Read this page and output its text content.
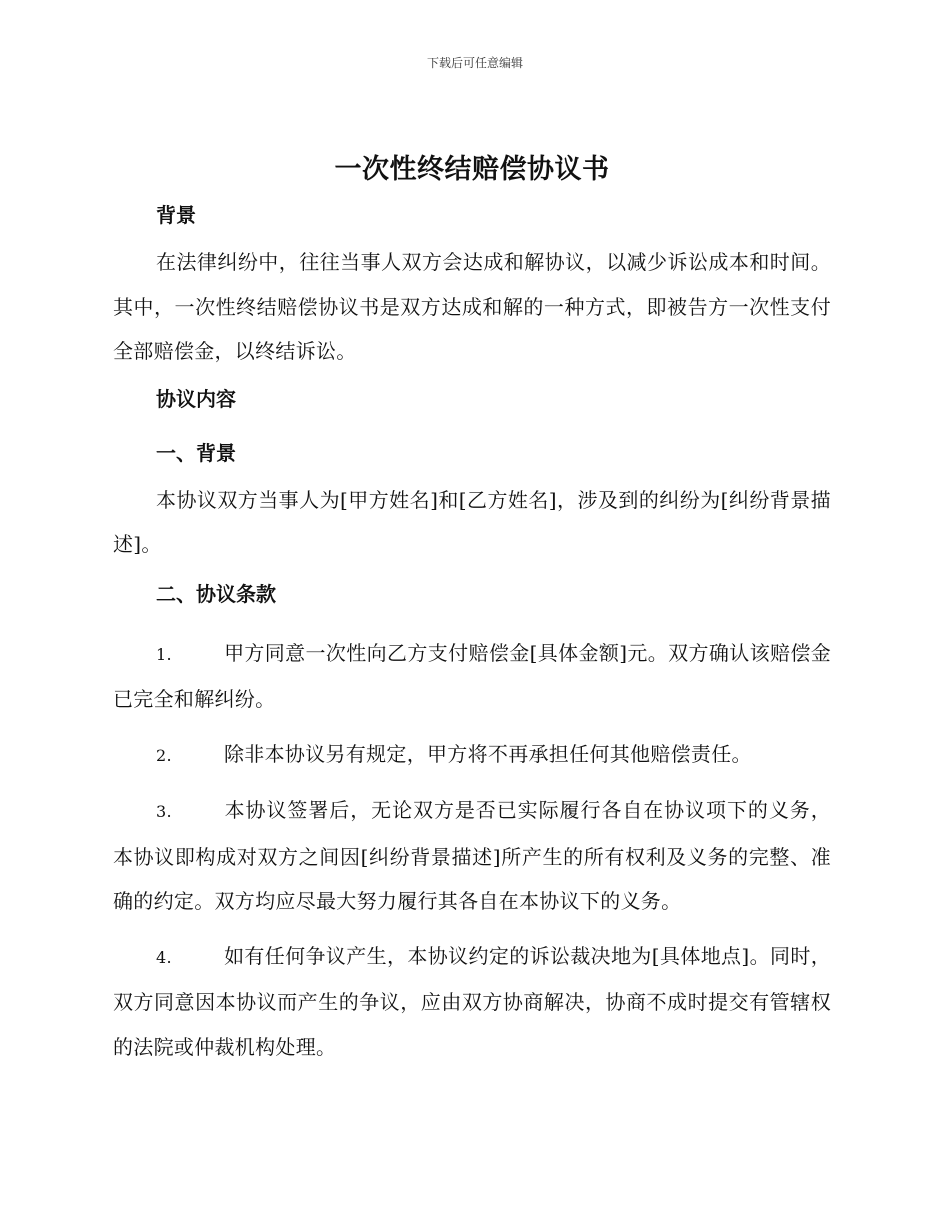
下载后可任意编辑
一次性终结赔偿协议书
背景
在法律纠纷中，往往当事人双方会达成和解协议，以减少诉讼成本和时间。其中，一次性终结赔偿协议书是双方达成和解的一种方式，即被告方一次性支付全部赔偿金，以终结诉讼。
协议内容
一、背景
本协议双方当事人为[甲方姓名]和[乙方姓名]，涉及到的纠纷为[纠纷背景描述]。
二、协议条款
1.	甲方同意一次性向乙方支付赔偿金[具体金额]元。双方确认该赔偿金已完全和解纠纷。
2.	除非本协议另有规定，甲方将不再承担任何其他赔偿责任。
3.	本协议签署后，无论双方是否已实际履行各自在协议项下的义务，本协议即构成对双方之间因[纠纷背景描述]所产生的所有权利及义务的完整、准确的约定。双方均应尽最大努力履行其各自在本协议下的义务。
4.	如有任何争议产生，本协议约定的诉讼裁决地为[具体地点]。同时，双方同意因本协议而产生的争议，应由双方协商解决，协商不成时提交有管辖权的法院或仲裁机构处理。
